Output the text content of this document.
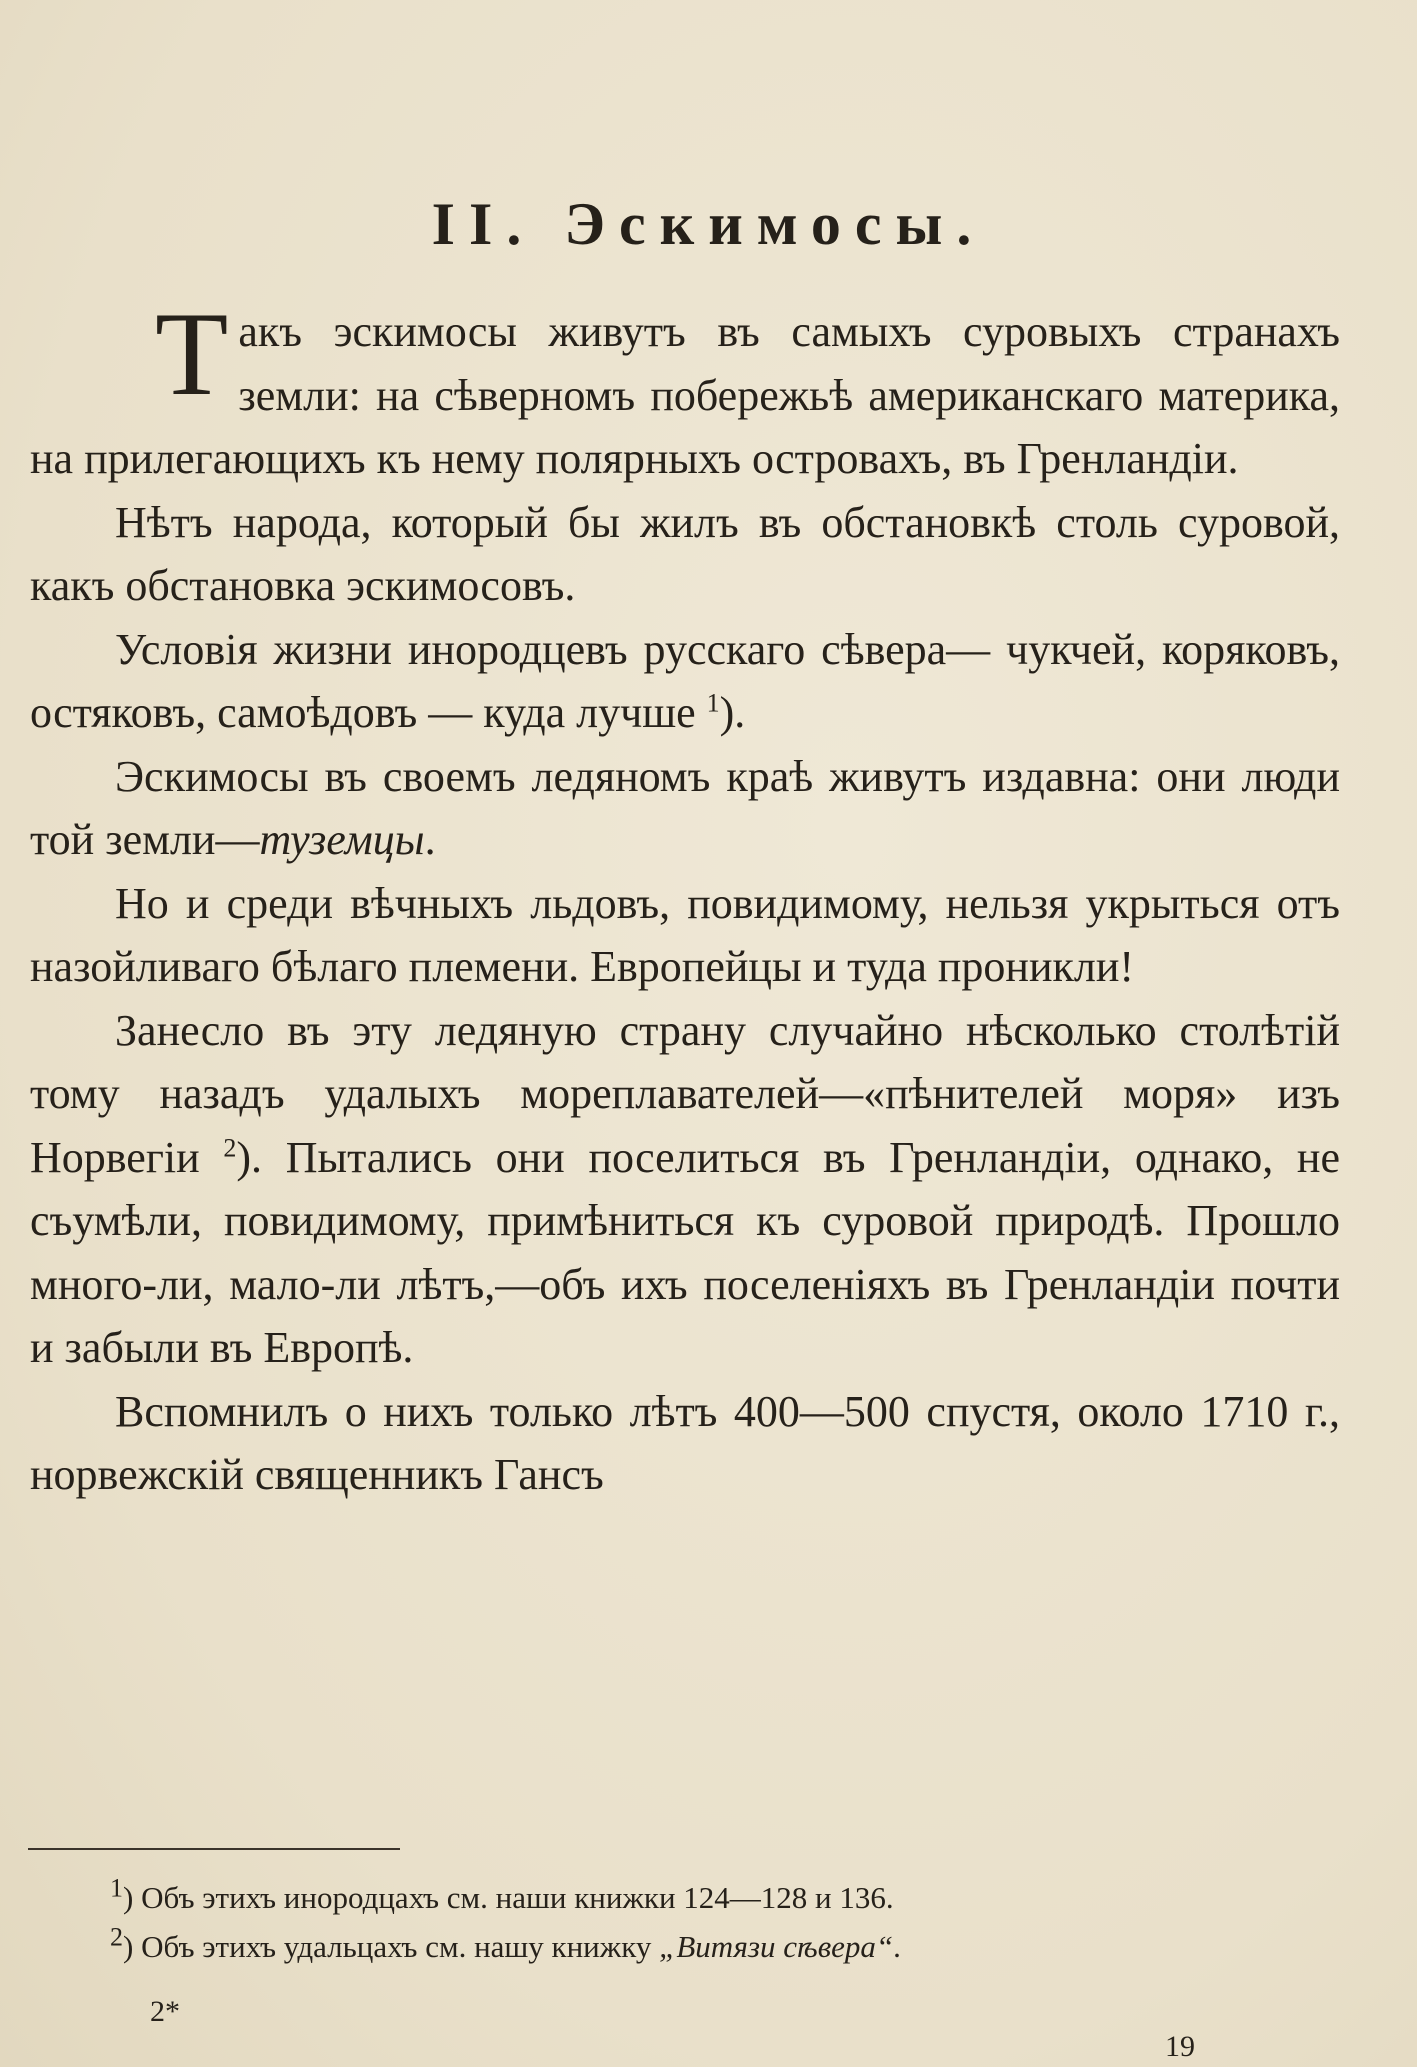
II. Эскимосы.

Такъ эскимосы живутъ въ самыхъ суровыхъ странахъ земли: на сѣверномъ побережьѣ американскаго материка, на прилегающихъ къ нему полярныхъ островахъ, въ Гренландіи.

Нѣтъ народа, который бы жилъ въ обстановкѣ столь суровой, какъ обстановка эскимосовъ.

Условія жизни инородцевъ русскаго сѣвера— чукчей, коряковъ, остяковъ, самоѣдовъ — куда лучше $^1$).

Эскимосы въ своемъ ледяномъ краѣ живутъ издавна: они люди той земли—туземцы.

Но и среди вѣчныхъ льдовъ, повидимому, нельзя укрыться отъ назойливаго бѣлаго племени. Европейцы и туда проникли!

Занесло въ эту ледяную страну случайно нѣсколько столѣтій тому назадъ удалыхъ мореплавателей—«пѣнителей моря» изъ Норвегіи $^2$). Пытались они поселиться въ Гренландіи, однако, не съумѣли, повидимому, примѣниться къ суровой природѣ. Прошло много-ли, мало-ли лѣтъ,—объ ихъ поселеніяхъ въ Гренландіи почти и забыли въ Европѣ.

Вспомнилъ о нихъ только лѣтъ 400—500 спустя, около 1710 г., норвежскій священникъ Гансъ

$^1$) Объ этихъ инородцахъ см. наши книжки 124—128 и 136.
$^2$) Объ этихъ удальцахъ см. нашу книжку „Витязи сѣвера“.
2*
19
